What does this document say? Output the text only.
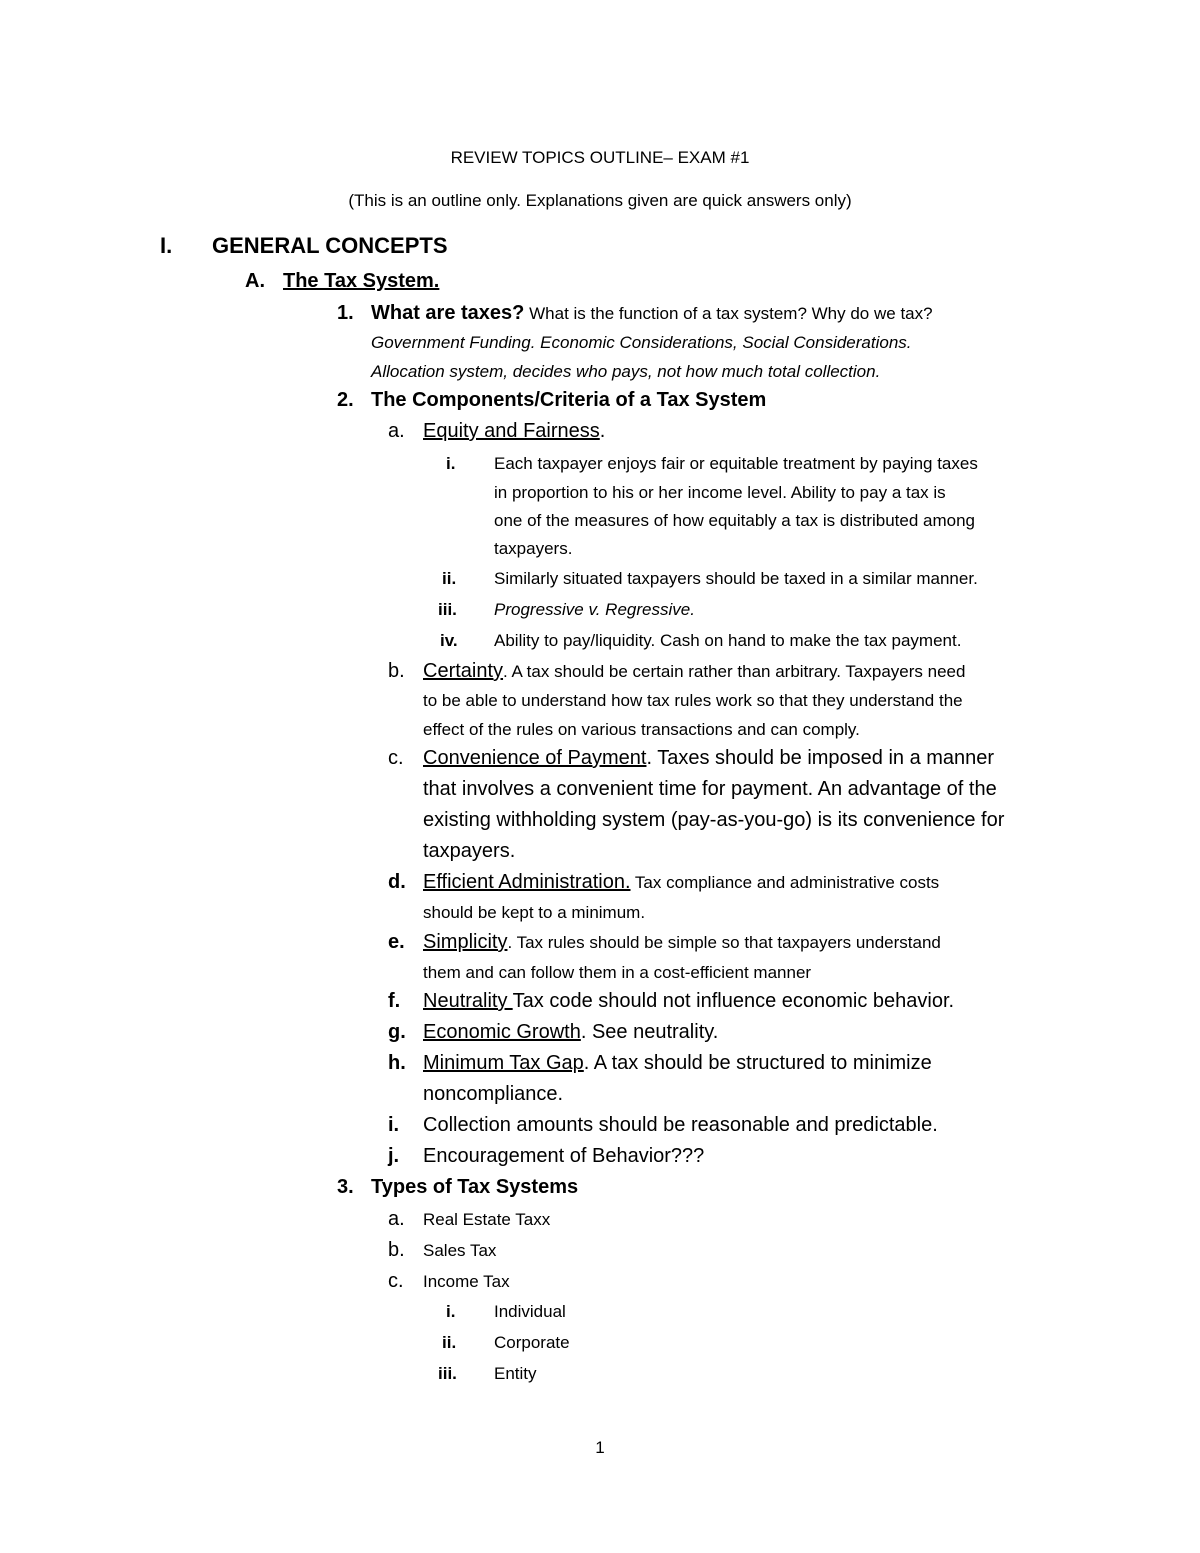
REVIEW TOPICS OUTLINE– EXAM #1
(This is an outline only. Explanations given are quick answers only)
I. GENERAL CONCEPTS
A. The Tax System.
1. What are taxes? What is the function of a tax system? Why do we tax?
Government Funding. Economic Considerations, Social Considerations.
Allocation system, decides who pays, not how much total collection.
2. The Components/Criteria of a Tax System
a. Equity and Fairness.
i. Each taxpayer enjoys fair or equitable treatment by paying taxes
in proportion to his or her income level. Ability to pay a tax is
one of the measures of how equitably a tax is distributed among
taxpayers.
ii. Similarly situated taxpayers should be taxed in a similar manner.
iii. Progressive v. Regressive.
iv. Ability to pay/liquidity. Cash on hand to make the tax payment.
b. Certainty. A tax should be certain rather than arbitrary. Taxpayers need
to be able to understand how tax rules work so that they understand the
effect of the rules on various transactions and can comply.
c. Convenience of Payment. Taxes should be imposed in a manner
that involves a convenient time for payment. An advantage of the
existing withholding system (pay-as-you-go) is its convenience for
taxpayers.
d. Efficient Administration. Tax compliance and administrative costs
should be kept to a minimum.
e. Simplicity. Tax rules should be simple so that taxpayers understand
them and can follow them in a cost-efficient manner
f. Neutrality Tax code should not influence economic behavior.
g. Economic Growth. See neutrality.
h. Minimum Tax Gap. A tax should be structured to minimize
noncompliance.
i. Collection amounts should be reasonable and predictable.
j. Encouragement of Behavior???
3. Types of Tax Systems
a. Real Estate Taxx
b. Sales Tax
c. Income Tax
i. Individual
ii. Corporate
iii. Entity
1
